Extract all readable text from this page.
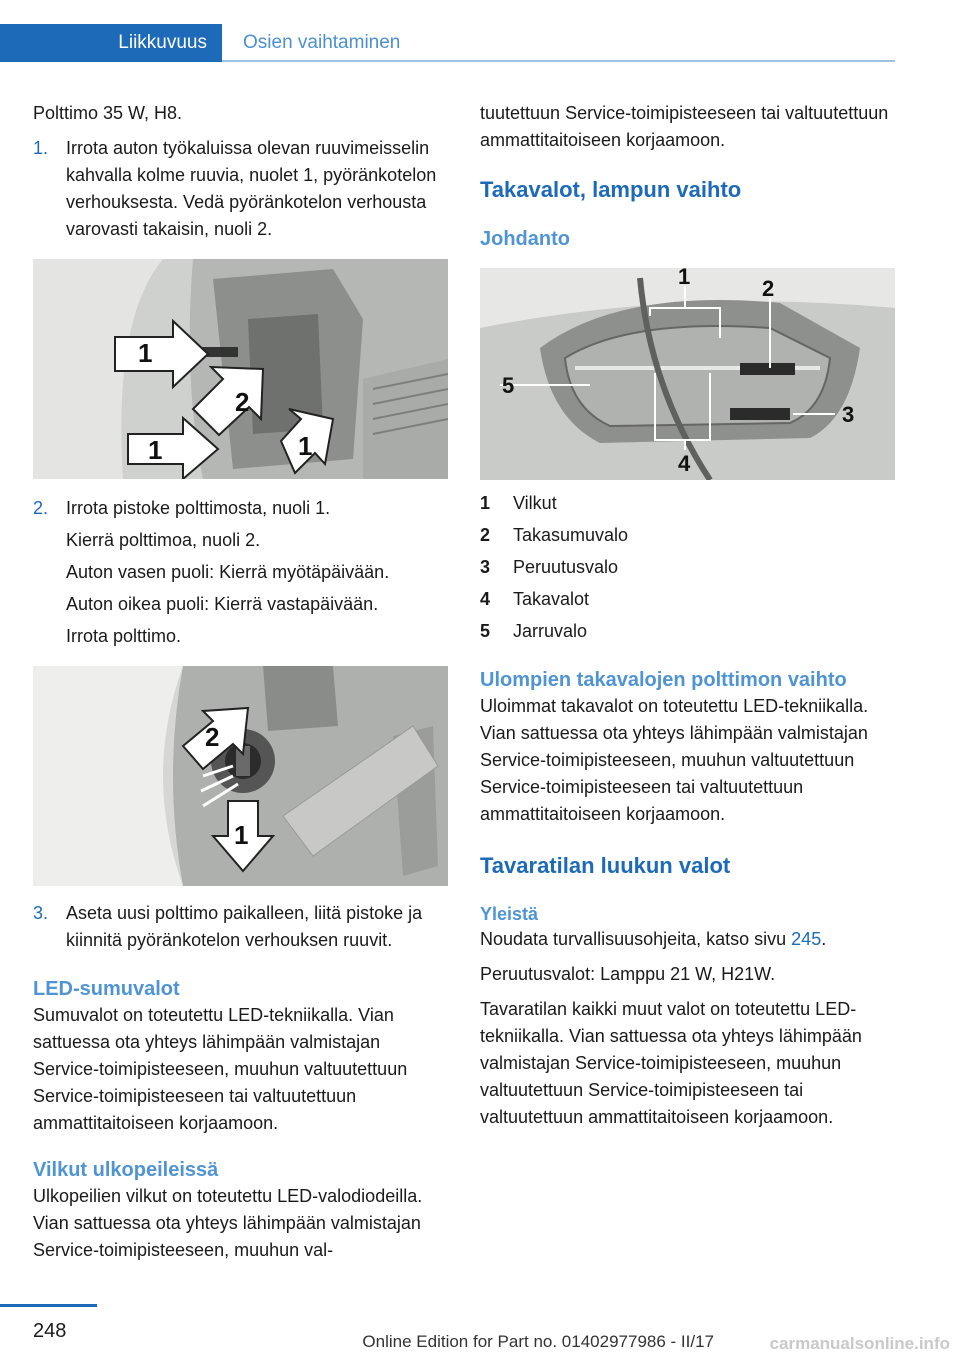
Liikkuvuus	Osien vaihtaminen

Polttimo 35 W, H8.

1. Irrota auton työkaluissa olevan ruuvimeisselin kahvalla kolme ruuvia, nuolet 1, pyöränkotelon verhouksesta. Vedä pyöränkotelon verhousta varovasti takaisin, nuoli 2.
1
2
1	1
2. Irrota pistoke polttimosta, nuoli 1.
Kierrä polttimoa, nuoli 2.
Auton vasen puoli: Kierrä myötäpäivään.
Auton oikea puoli: Kierrä vastapäivään.
Irrota polttimo.
2
1
3. Aseta uusi polttimo paikalleen, liitä pistoke ja kiinnitä pyöränkotelon verhouksen ruuvit.
LED-sumuvalot

Sumuvalot on toteutettu LED-tekniikalla. Vian sattuessa ota yhteys lähimpään valmistajan Service-toimipisteeseen, muuhun valtuutettuun Service-toimipisteeseen tai valtuutettuun ammattitaitoiseen korjaamoon.

Vilkut ulkopeileissä

Ulkopeilien vilkut on toteutettu LED-valodiodeilla. Vian sattuessa ota yhteys lähimpään valmistajan Service-toimipisteeseen, muuhun val-

tuutettuun Service-toimipisteeseen tai valtuutettuun ammattitaitoiseen korjaamoon.

Takavalot, lampun vaihto
Johdanto
1	2
3
4
5
1	Vilkut
2	Takasumuvalo
3	Peruutusvalo
4	Takavalot
5	Jarruvalo
Ulompien takavalojen polttimon vaihto

Uloimmat takavalot on toteutettu LED-tekniikalla. Vian sattuessa ota yhteys lähimpään valmistajan Service-toimipisteeseen, muuhun valtuutettuun Service-toimipisteeseen tai valtuutettuun ammattitaitoiseen korjaamoon.

Tavaratilan luukun valot
Yleistä

Noudata turvallisuusohjeita, katso sivu 245.

Peruutusvalot: Lamppu 21 W, H21W.

Tavaratilan kaikki muut valot on toteutettu LED-tekniikalla. Vian sattuessa ota yhteys lähimpään valmistajan Service-toimipisteeseen, muuhun valtuutettuun Service-toimipisteeseen tai valtuutettuun ammattitaitoiseen korjaamoon.

248	Online Edition for Part no. 01402977986 - II/17	carmanualsonline.info
